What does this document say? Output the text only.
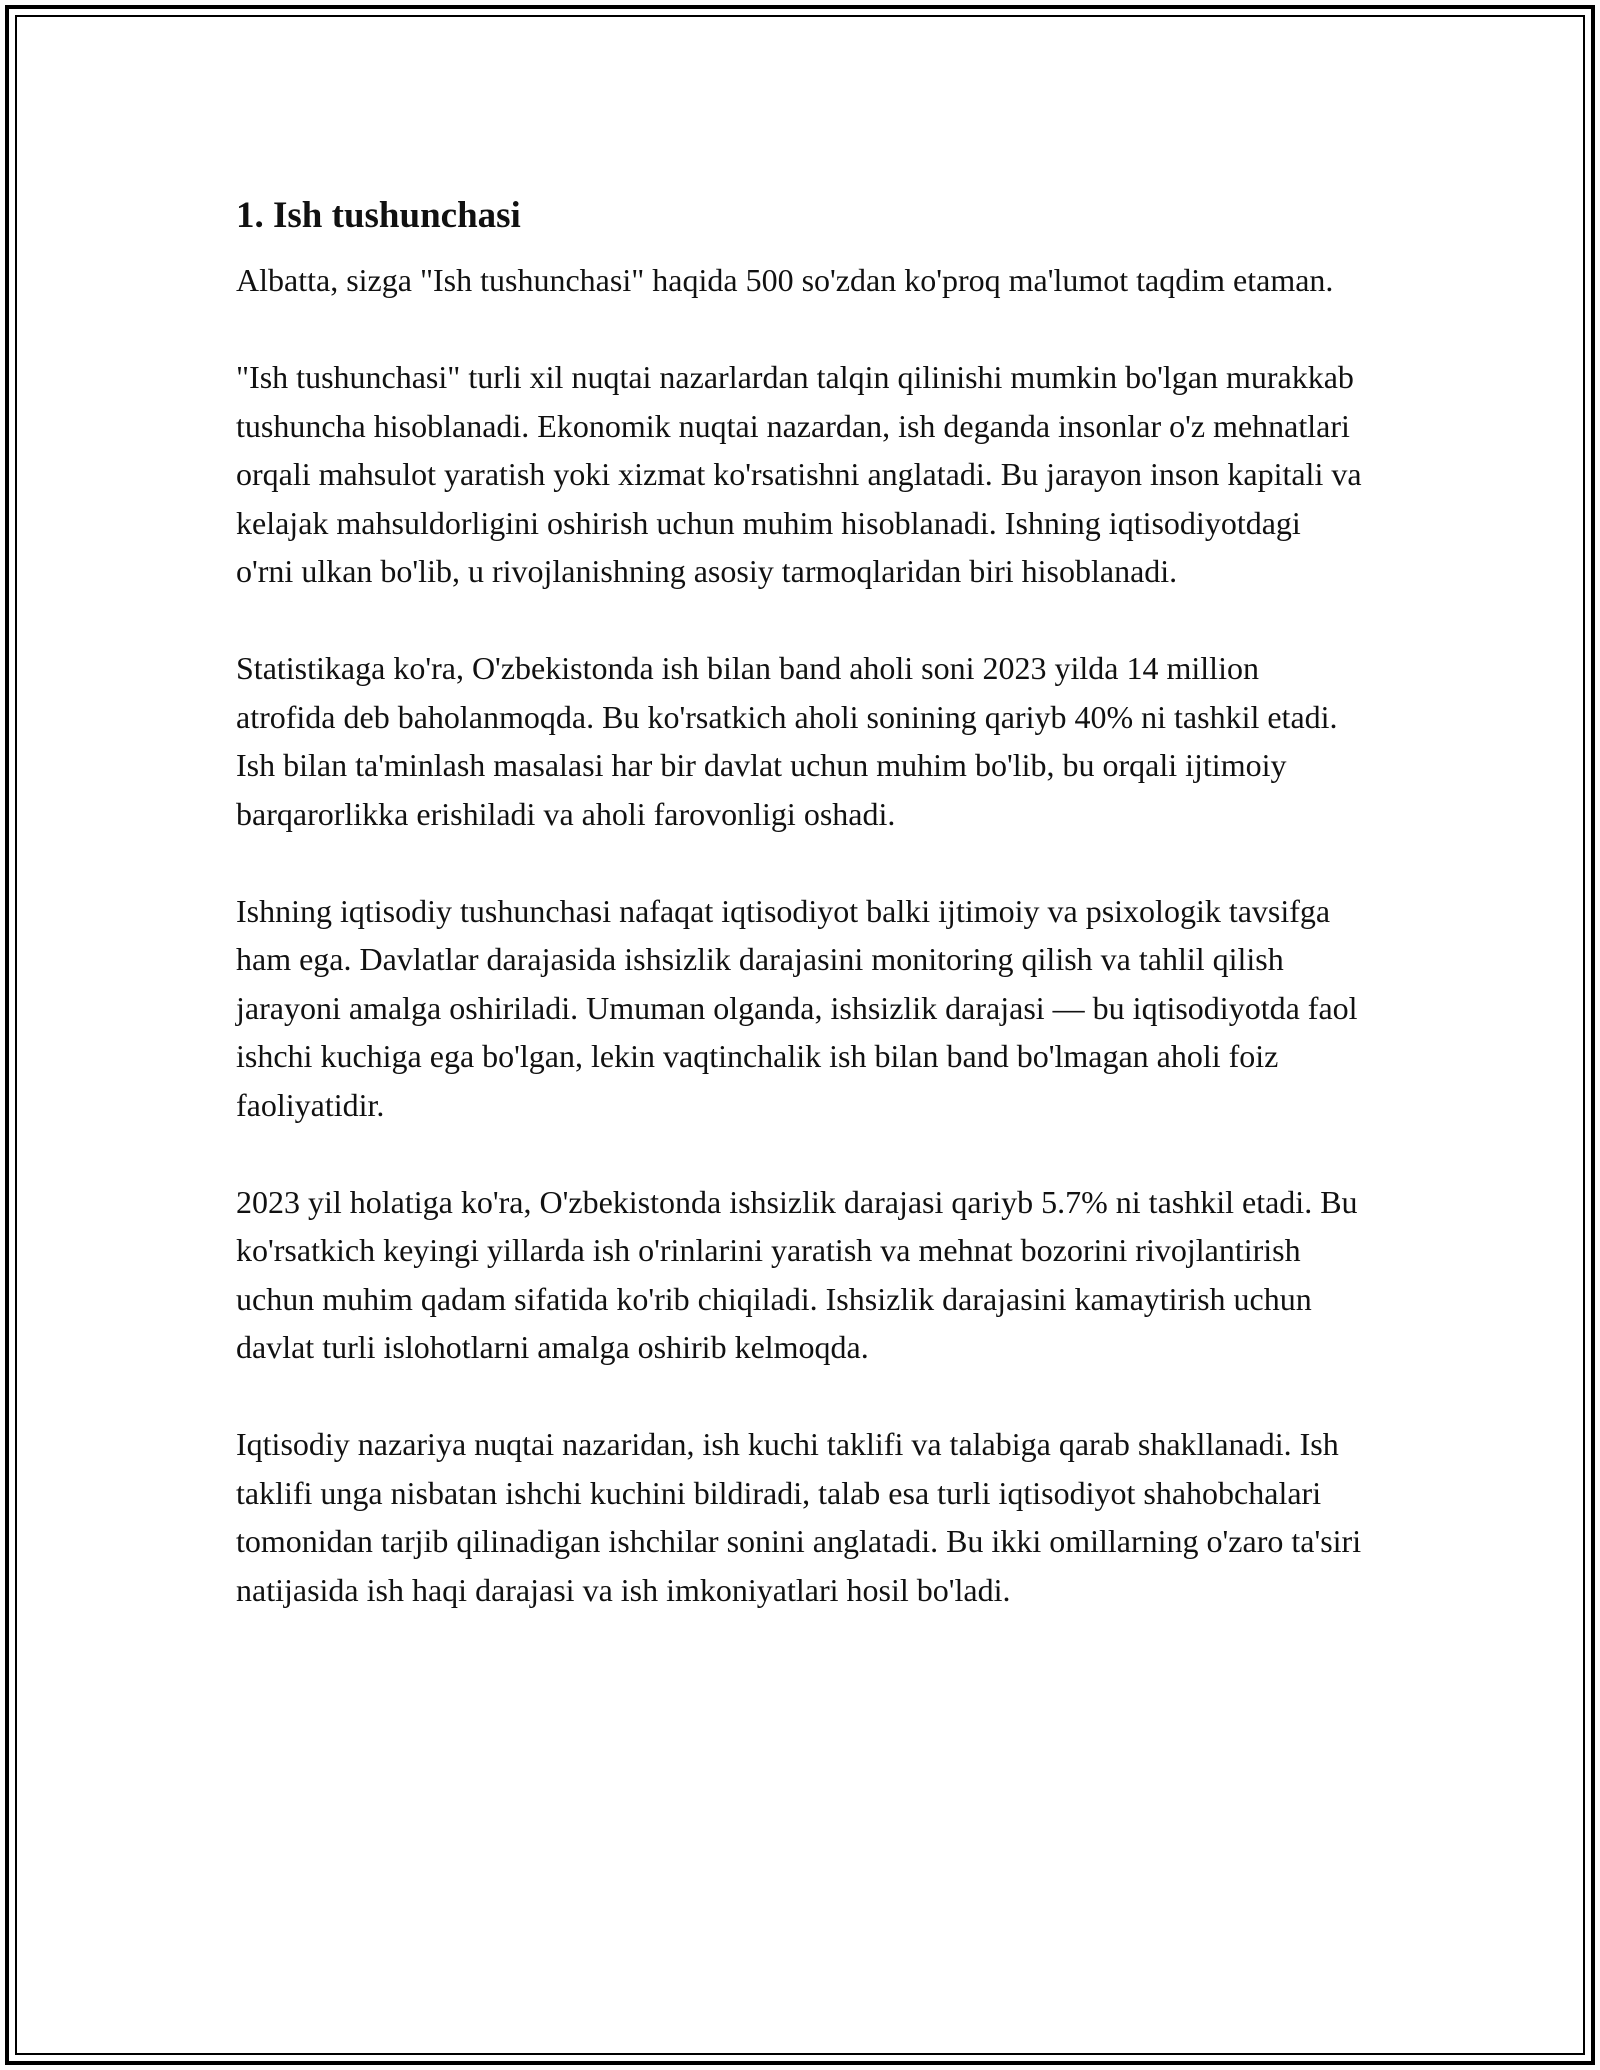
1. Ish tushunchasi

Albatta, sizga "Ish tushunchasi" haqida 500 so'zdan ko'proq ma'lumot taqdim etaman.

"Ish tushunchasi" turli xil nuqtai nazarlardan talqin qilinishi mumkin bo'lgan murakkab tushuncha hisoblanadi. Ekonomik nuqtai nazardan, ish deganda insonlar o'z mehnatlari orqali mahsulot yaratish yoki xizmat ko'rsatishni anglatadi. Bu jarayon inson kapitali va kelajak mahsuldorligini oshirish uchun muhim hisoblanadi. Ishning iqtisodiyotdagi o'rni ulkan bo'lib, u rivojlanishning asosiy tarmoqlaridan biri hisoblanadi.

Statistikaga ko'ra, O'zbekistonda ish bilan band aholi soni 2023 yilda 14 million atrofida deb baholanmoqda. Bu ko'rsatkich aholi sonining qariyb 40% ni tashkil etadi. Ish bilan ta'minlash masalasi har bir davlat uchun muhim bo'lib, bu orqali ijtimoiy barqarorlikka erishiladi va aholi farovonligi oshadi.

Ishning iqtisodiy tushunchasi nafaqat iqtisodiyot balki ijtimoiy va psixologik tavsifga ham ega. Davlatlar darajasida ishsizlik darajasini monitoring qilish va tahlil qilish jarayoni amalga oshiriladi. Umuman olganda, ishsizlik darajasi — bu iqtisodiyotda faol ishchi kuchiga ega bo'lgan, lekin vaqtinchalik ish bilan band bo'lmagan aholi foiz faoliyatidir.

2023 yil holatiga ko'ra, O'zbekistonda ishsizlik darajasi qariyb 5.7% ni tashkil etadi. Bu ko'rsatkich keyingi yillarda ish o'rinlarini yaratish va mehnat bozorini rivojlantirish uchun muhim qadam sifatida ko'rib chiqiladi. Ishsizlik darajasini kamaytirish uchun davlat turli islohotlarni amalga oshirib kelmoqda.

Iqtisodiy nazariya nuqtai nazaridan, ish kuchi taklifi va talabiga qarab shakllanadi. Ish taklifi unga nisbatan ishchi kuchini bildiradi, talab esa turli iqtisodiyot shahobchalari tomonidan tarjib qilinadigan ishchilar sonini anglatadi. Bu ikki omillarning o'zaro ta'siri natijasida ish haqi darajasi va ish imkoniyatlari hosil bo'ladi.
